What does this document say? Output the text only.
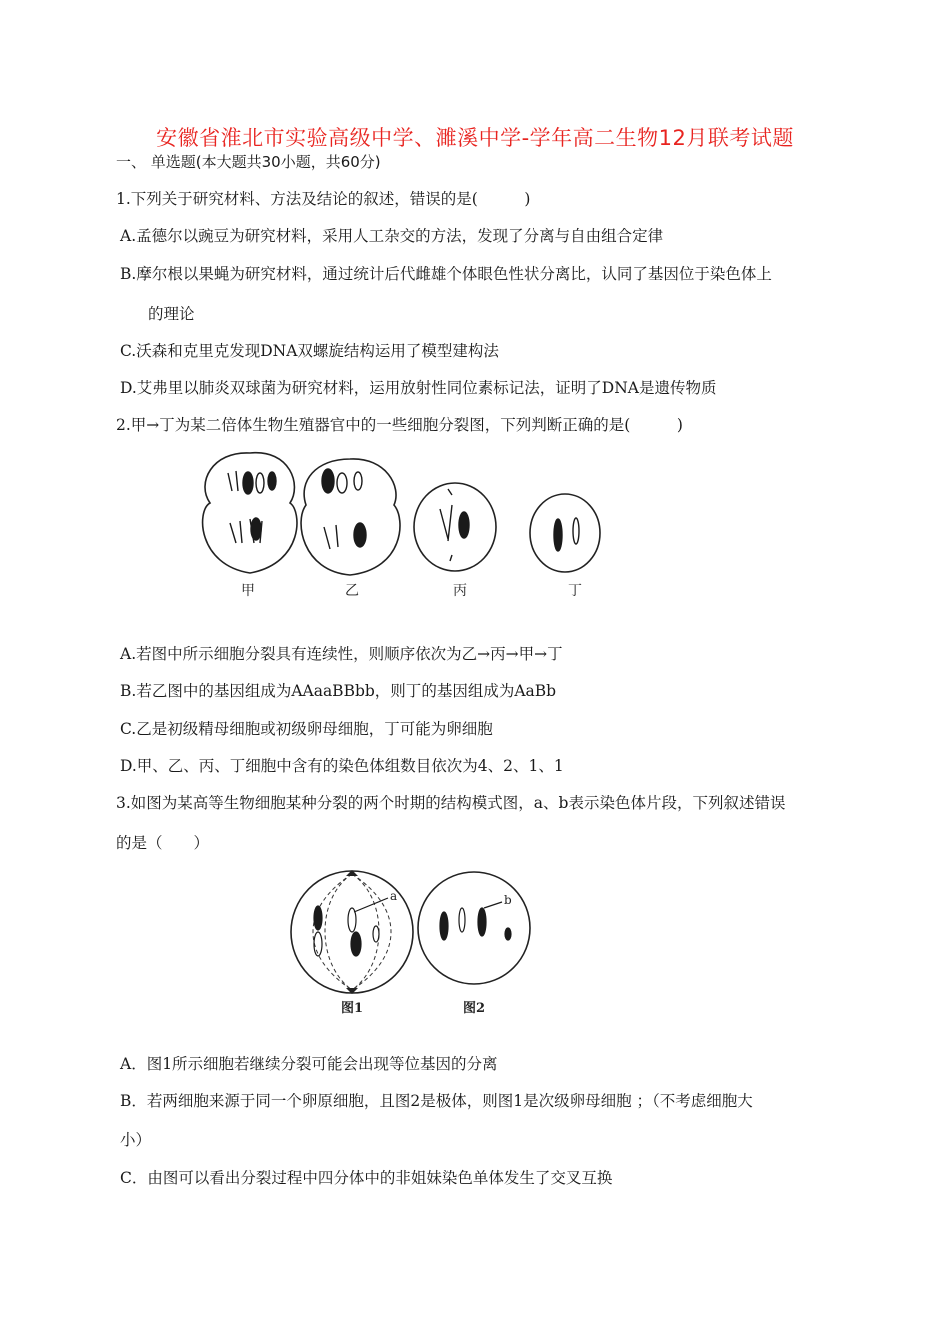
安徽省淮北市实验高级中学、濉溪中学-学年高二生物12月联考试题
一、 单选题(本大题共30小题，共60分)
1.下列关于研究材料、方法及结论的叙述，错误的是(　　　)
A.孟德尔以豌豆为研究材料，采用人工杂交的方法，发现了分离与自由组合定律
B.摩尔根以果蝇为研究材料，通过统计后代雌雄个体眼色性状分离比，认同了基因位于染色体上
的理论
C.沃森和克里克发现DNA双螺旋结构运用了模型建构法
D.艾弗里以肺炎双球菌为研究材料，运用放射性同位素标记法，证明了DNA是遗传物质
2.甲→丁为某二倍体生物生殖器官中的一些细胞分裂图，下列判断正确的是(　　　)
甲	乙	丙	丁
A.若图中所示细胞分裂具有连续性，则顺序依次为乙→丙→甲→丁
B.若乙图中的基因组成为AAaaBBbb，则丁的基因组成为AaBb
C.乙是初级精母细胞或初级卵母细胞，丁可能为卵细胞
D.甲、乙、丙、丁细胞中含有的染色体组数目依次为4、2、1、1
3.如图为某高等生物细胞某种分裂的两个时期的结构模式图，a、b表示染色体片段，下列叙述错误
的是（　　）
a	b
图1	图2
A．图1所示细胞若继续分裂可能会出现等位基因的分离
B．若两细胞来源于同一个卵原细胞，且图2是极体，则图1是次级卵母细胞 ；（不考虑细胞大
小）
C．由图可以看出分裂过程中四分体中的非姐妹染色单体发生了交叉互换
